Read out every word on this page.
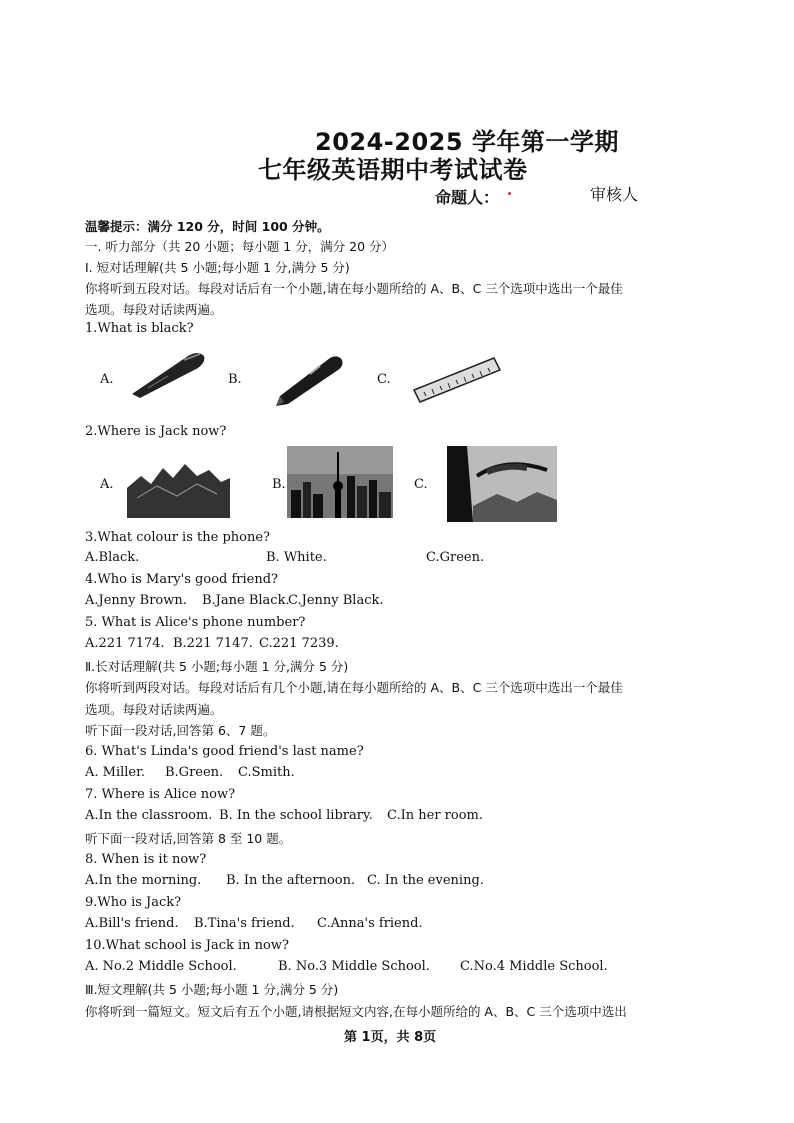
2024-2025 学年第一学期
七年级英语期中考试试卷
命题人：	审核人
温馨提示：满分 120 分，时间 100 分钟。
一. 听力部分（共 20 小题；每小题 1 分，满分 20 分）
I. 短对话理解(共 5 小题;每小题 1 分,满分 5 分)
你将听到五段对话。每段对话后有一个小题,请在每小题所给的 A、B、C 三个选项中选出一个最佳
选项。每段对话读两遍。
1.What is black?
A.	B.	C.
2.Where is Jack now?
A.	B.	C.
3.What colour is the phone?
A.Black.	B. White.	C.Green.
4.Who is Mary's good friend?
A.Jenny Brown. B.Jane Black.
C.Jenny Black.
5. What is Alice's phone number?
A.221 7174. B.221 7147. C.221 7239.
Ⅱ.长对话理解(共 5 小题;每小题 1 分,满分 5 分)
你将听到两段对话。每段对话后有几个小题,请在每小题所给的 A、B、C 三个选项中选出一个最佳
选项。每段对话读两遍。
听下面一段对话,回答第 6、7 题。
6. What's Linda's good friend's last name?
A. Miller. B.Green. C.Smith.
7. Where is Alice now?
A.In the classroom. B. In the school library. C.In her room.
听下面一段对话,回答第 8 至 10 题。
8. When is it now?
A.In the morning. B. In the afternoon. C. In the evening.
9.Who is Jack?
A.Bill's friend. B.Tina's friend. C.Anna's friend.
10.What school is Jack in now?
A. No.2 Middle School.	B. No.3 Middle School. C.No.4 Middle School.
Ⅲ.短文理解(共 5 小题;每小题 1 分,满分 5 分)
你将听到一篇短文。短文后有五个小题,请根据短文内容,在每小题所给的 A、B、C 三个选项中选出
第 1页，共 8页
